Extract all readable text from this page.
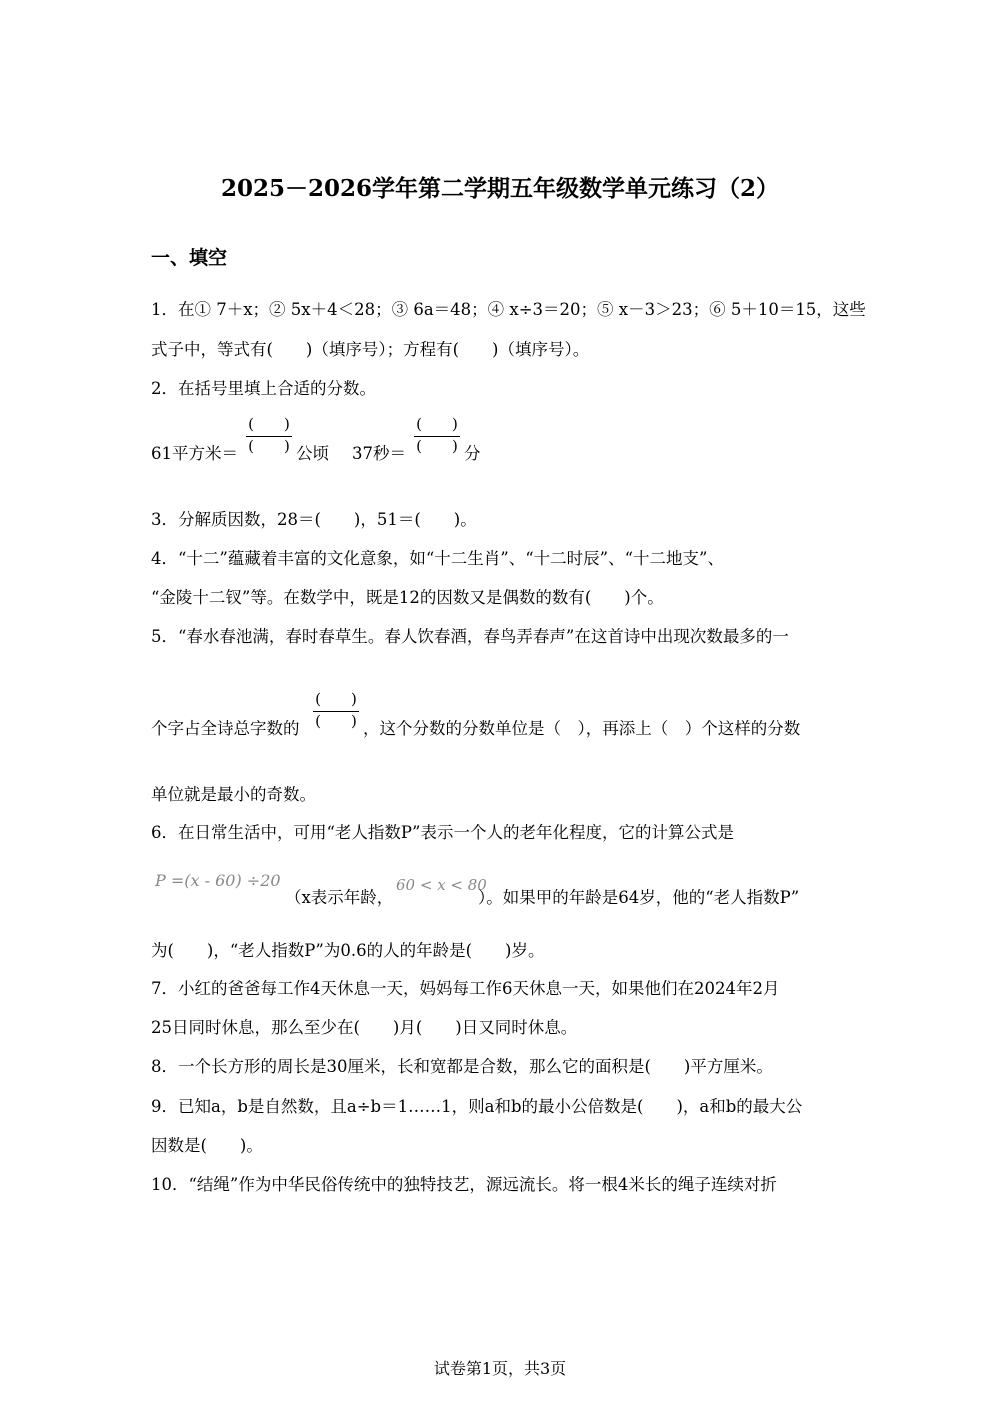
2025－2026学年第二学期五年级数学单元练习（2）
一、填空
1．在① 7＋x；② 5x＋4＜28；③ 6a＝48；④ x÷3＝20；⑤ x－3＞23；⑥ 5＋10＝15，这些
式子中，等式有(　　)（填序号）；方程有(　　)（填序号）。
2．在括号里填上合适的分数。
61平方米＝
(　　)
(　　) 公顷 37秒＝
(　　)
(　　) 分
3．分解质因数，28＝(　　)，51＝(　　)。
4．“十二”蕴藏着丰富的文化意象，如“十二生肖”、“十二时辰”、“十二地支”、
“金陵十二钗”等。在数学中，既是12的因数又是偶数的数有(　　)个。
5．“春水春池满，春时春草生。春人饮春酒，春鸟弄春声”在这首诗中出现次数最多的一
个字占全诗总字数的
(　　)
(　　) ，这个分数的分数单位是（　），再添上（　）个这样的分数
单位就是最小的奇数。
6．在日常生活中，可用“老人指数P”表示一个人的老年化程度，它的计算公式是
P =(x - 60) ÷20
（x表示年龄，
60 < x < 80
）。如果甲的年龄是64岁，他的“老人指数P”
为(　　)，“老人指数P”为0.6的人的年龄是(　　)岁。
7．小红的爸爸每工作4天休息一天，妈妈每工作6天休息一天，如果他们在2024年2月
25日同时休息，那么至少在(　　)月(　　)日又同时休息。
8．一个长方形的周长是30厘米，长和宽都是合数，那么它的面积是(　　)平方厘米。
9．已知a，b是自然数，且a÷b＝1……1，则a和b的最小公倍数是(　　)，a和b的最大公
因数是(　　)。
10．“结绳”作为中华民俗传统中的独特技艺，源远流长。将一根4米长的绳子连续对折
试卷第1页，共3页
